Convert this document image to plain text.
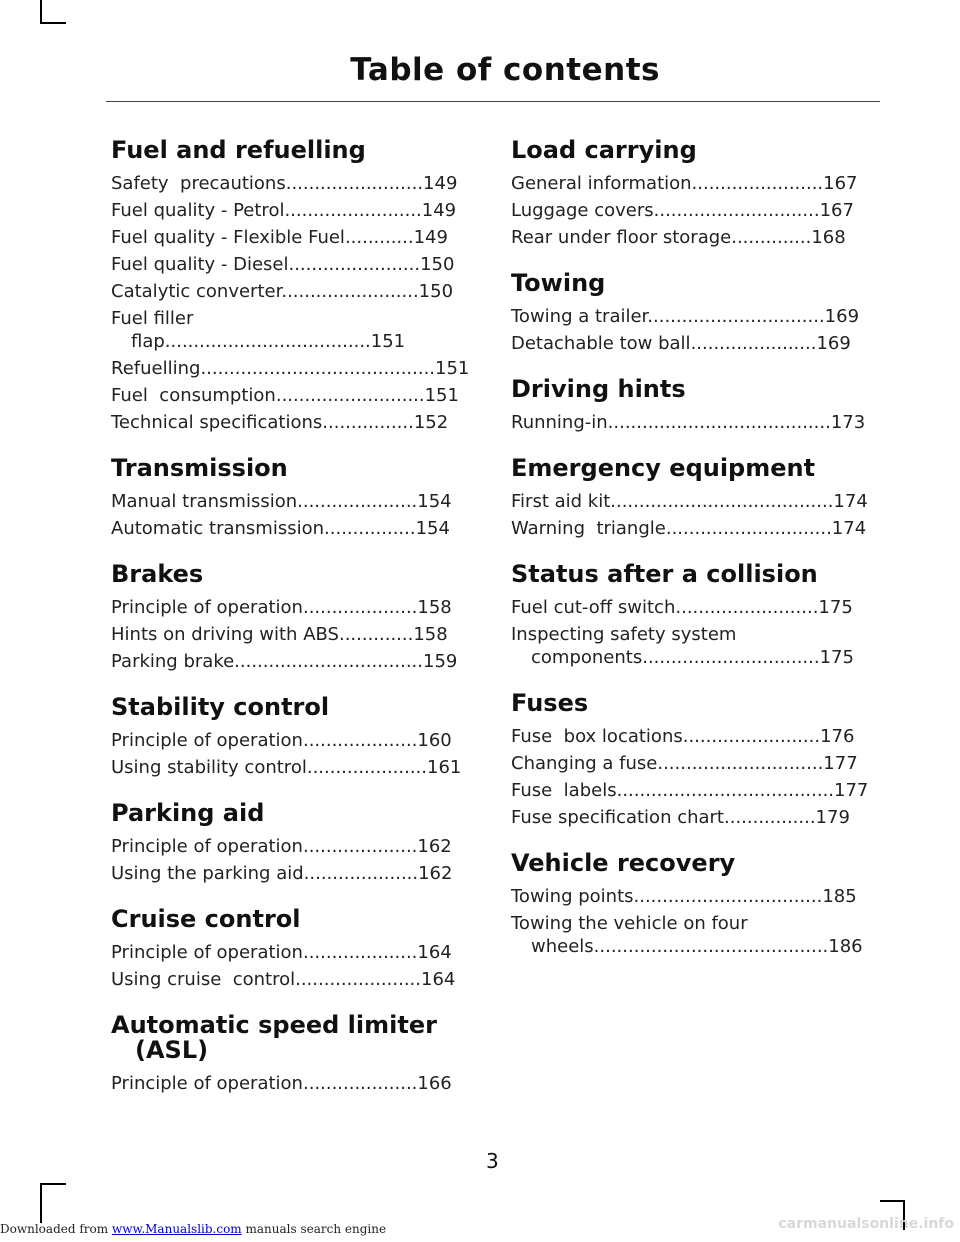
Table of contents
Fuel and refuelling
Safety  precautions........................149
Fuel quality - Petrol........................149
Fuel quality - Flexible Fuel............149
Fuel quality - Diesel.......................150
Catalytic converter........................150
Fuel filler flap....................................151
Refuelling.........................................151
Fuel  consumption..........................151
Technical specifications................152
Transmission
Manual transmission.....................154
Automatic transmission................154
Brakes
Principle of operation....................158
Hints on driving with ABS.............158
Parking brake.................................159
Stability control
Principle of operation....................160
Using stability control.....................161
Parking aid
Principle of operation....................162
Using the parking aid....................162
Cruise control
Principle of operation....................164
Using cruise  control......................164
Automatic speed limiter (ASL)
Principle of operation....................166
Load carrying
General information.......................167
Luggage covers.............................167
Rear under floor storage..............168
Towing
Towing a trailer...............................169
Detachable tow ball......................169
Driving hints
Running-in.......................................173
Emergency equipment
First aid kit.......................................174
Warning  triangle.............................174
Status after a collision
Fuel cut-off switch.........................175
Inspecting safety system components...............................175
Fuses
Fuse  box locations........................176
Changing a fuse.............................177
Fuse  labels......................................177
Fuse specification chart................179
Vehicle recovery
Towing points.................................185
Towing the vehicle on four wheels.........................................186
3
Downloaded from www.Manualslib.com manuals search engine	carmanualsonline.info
